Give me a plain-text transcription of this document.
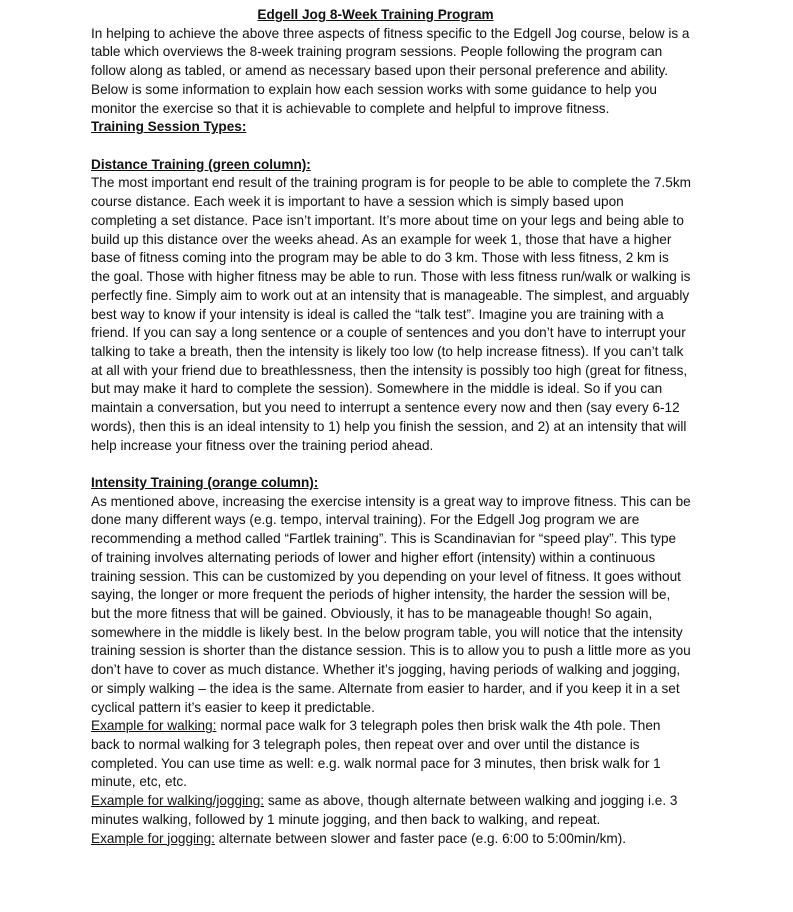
Edgell Jog 8-Week Training Program

In helping to achieve the above three aspects of fitness specific to the Edgell Jog course, below is a table which overviews the 8-week training program sessions. People following the program can follow along as tabled, or amend as necessary based upon their personal preference and ability. Below is some information to explain how each session works with some guidance to help you monitor the exercise so that it is achievable to complete and helpful to improve fitness.

Training Session Types:
Distance Training (green column):

The most important end result of the training program is for people to be able to complete the 7.5km course distance. Each week it is important to have a session which is simply based upon completing a set distance. Pace isn’t important. It’s more about time on your legs and being able to build up this distance over the weeks ahead. As an example for week 1, those that have a higher base of fitness coming into the program may be able to do 3 km. Those with less fitness, 2 km is the goal. Those with higher fitness may be able to run. Those with less fitness run/walk or walking is perfectly fine. Simply aim to work out at an intensity that is manageable. The simplest, and arguably best way to know if your intensity is ideal is called the “talk test”. Imagine you are training with a friend. If you can say a long sentence or a couple of sentences and you don’t have to interrupt your talking to take a breath, then the intensity is likely too low (to help increase fitness). If you can’t talk at all with your friend due to breathlessness, then the intensity is possibly too high (great for fitness, but may make it hard to complete the session). Somewhere in the middle is ideal. So if you can maintain a conversation, but you need to interrupt a sentence every now and then (say every 6-12 words), then this is an ideal intensity to 1) help you finish the session, and 2) at an intensity that will help increase your fitness over the training period ahead.

Intensity Training (orange column):

As mentioned above, increasing the exercise intensity is a great way to improve fitness. This can be done many different ways (e.g. tempo, interval training). For the Edgell Jog program we are recommending a method called “Fartlek training”. This is Scandinavian for “speed play”. This type of training involves alternating periods of lower and higher effort (intensity) within a continuous training session. This can be customized by you depending on your level of fitness. It goes without saying, the longer or more frequent the periods of higher intensity, the harder the session will be, but the more fitness that will be gained. Obviously, it has to be manageable though! So again, somewhere in the middle is likely best. In the below program table, you will notice that the intensity training session is shorter than the distance session. This is to allow you to push a little more as you don’t have to cover as much distance. Whether it’s jogging, having periods of walking and jogging, or simply walking – the idea is the same. Alternate from easier to harder, and if you keep it in a set cyclical pattern it’s easier to keep it predictable.

Example for walking: normal pace walk for 3 telegraph poles then brisk walk the 4th pole. Then back to normal walking for 3 telegraph poles, then repeat over and over until the distance is completed. You can use time as well: e.g. walk normal pace for 3 minutes, then brisk walk for 1 minute, etc, etc.

Example for walking/jogging: same as above, though alternate between walking and jogging i.e. 3 minutes walking, followed by 1 minute jogging, and then back to walking, and repeat.

Example for jogging: alternate between slower and faster pace (e.g. 6:00 to 5:00min/km).
